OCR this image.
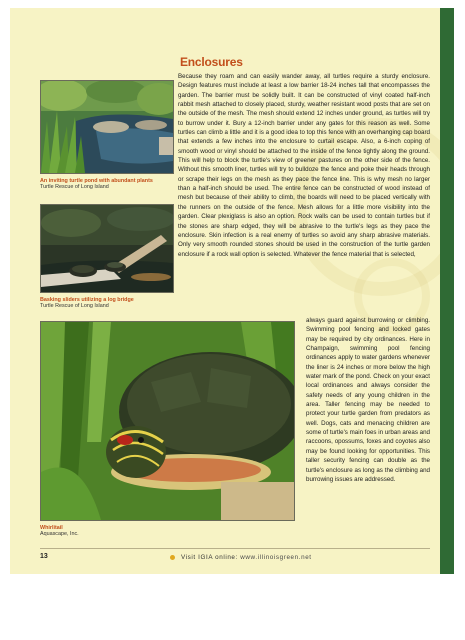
An inviting turtle pond with abundant plants
Turtle Rescue of Long Island
Basking sliders utilizing a log bridge
Turtle Rescue of Long Island
Whirlitail
Aquascape, Inc.
Enclosures

Because they roam and can easily wander away, all turtles require a sturdy enclosure. Design features must include at least a low barrier 18-24 inches tall that encompasses the garden. The barrier must be solidly built. It can be constructed of vinyl coated half-inch rabbit mesh attached to closely placed, sturdy, weather resistant wood posts that are set on the outside of the mesh. The mesh should extend 12 inches under ground, as turtles will try to burrow under it. Bury a 12-inch barrier under any gates for this reason as well. Some turtles can climb a little and it is a good idea to top this fence with an overhanging cap board that extends a few inches into the enclosure to curtail escape. Also, a 6-inch coping of smooth wood or vinyl should be attached to the inside of the fence tightly along the ground. This will help to block the turtle's view of greener pastures on the other side of the fence. Without this smooth liner, turtles will try to bulldoze the fence and poke their heads through or scrape their legs on the mesh as they pace the fence line. This is why mesh no larger than a half-inch should be used. The entire fence can be constructed of wood instead of mesh but because of their ability to climb, the boards will need to be placed vertically with the runners on the outside of the fence. Mesh allows for a little more visibility into the garden. Clear plexiglass is also an option. Rock walls can be used to contain turtles but if the stones are sharp edged, they will be abrasive to the turtle's legs as they pace the enclosure. Skin infection is a real enemy of turtles so avoid any sharp abrasive materials. Only very smooth rounded stones should be used in the construction of the turtle garden enclosure if a rock wall option is selected. Whatever the fence material that is selected,

always guard against burrowing or climbing. Swimming pool fencing and locked gates may be required by city ordinances. Here in Champaign, swimming pool fencing ordinances apply to water gardens whenever the liner is 24 inches or more below the high water mark of the pond. Check on your exact local ordinances and always consider the safety needs of any young children in the area. Taller fencing may be needed to protect your turtle garden from predators as well. Dogs, cats and menacing children are some of turtle's main foes in urban areas and raccoons, opossums, foxes and coyotes also may be found looking for opportunities. This taller security fencing can double as the turtle's enclosure as long as the climbing and burrowing issues are addressed.

13	Visit IGIA online: www.illinoisgreen.net
